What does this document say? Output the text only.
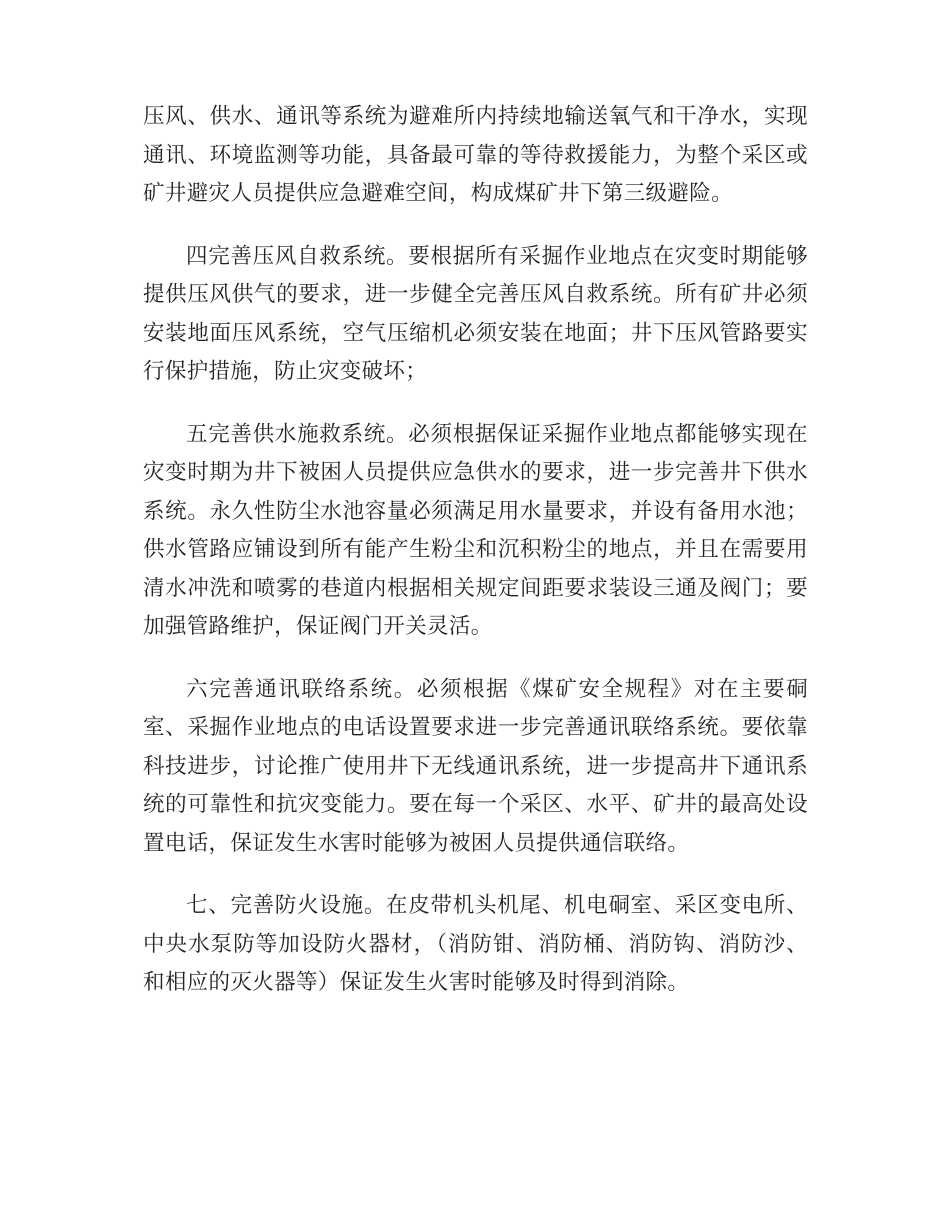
压风、供水、通讯等系统为避难所内持续地输送氧气和干净水，实现通讯、环境监测等功能，具备最可靠的等待救援能力，为整个采区或矿井避灾人员提供应急避难空间，构成煤矿井下第三级避险。

四完善压风自救系统。要根据所有采掘作业地点在灾变时期能够提供压风供气的要求，进一步健全完善压风自救系统。所有矿井必须安装地面压风系统，空气压缩机必须安装在地面；井下压风管路要实行保护措施，防止灾变破坏；

五完善供水施救系统。必须根据保证采掘作业地点都能够实现在灾变时期为井下被困人员提供应急供水的要求，进一步完善井下供水系统。永久性防尘水池容量必须满足用水量要求，并设有备用水池；供水管路应铺设到所有能产生粉尘和沉积粉尘的地点，并且在需要用清水冲洗和喷雾的巷道内根据相关规定间距要求装设三通及阀门；要加强管路维护，保证阀门开关灵活。

六完善通讯联络系统。必须根据《煤矿安全规程》对在主要硐室、采掘作业地点的电话设置要求进一步完善通讯联络系统。要依靠科技进步，讨论推广使用井下无线通讯系统，进一步提高井下通讯系统的可靠性和抗灾变能力。要在每一个采区、水平、矿井的最高处设置电话，保证发生水害时能够为被困人员提供通信联络。

七、完善防火设施。在皮带机头机尾、机电硐室、采区变电所、中央水泵防等加设防火器材，（消防钳、消防桶、消防钩、消防沙、和相应的灭火器等）保证发生火害时能够及时得到消除。
